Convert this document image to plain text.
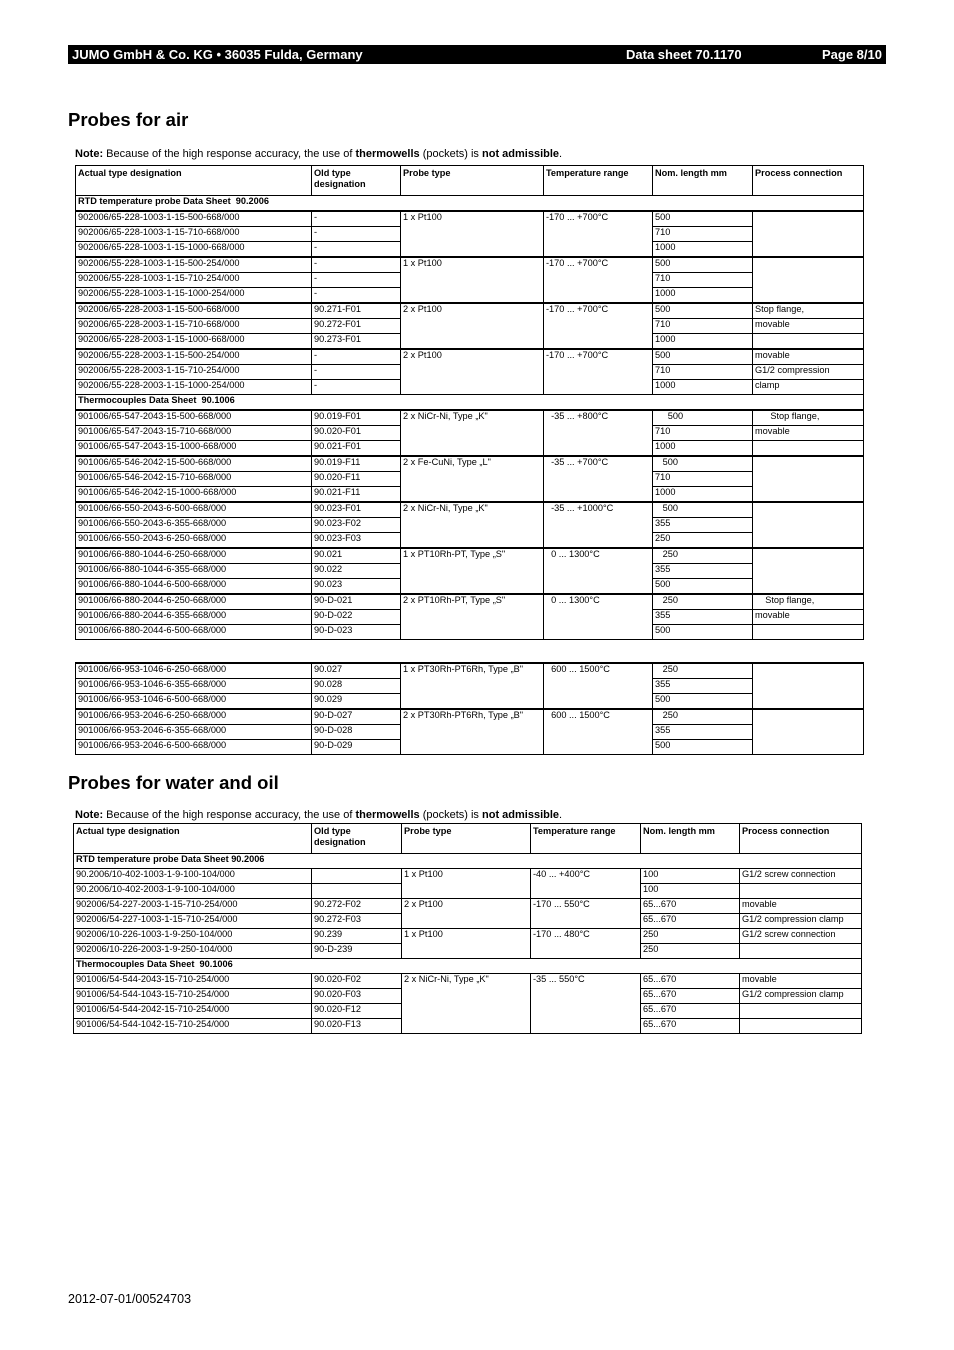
JUMO GmbH & Co. KG • 36035 Fulda, Germany	Data sheet 70.1170	Page 8/10
Probes for air
Note: Because of the high response accuracy, the use of thermowells (pockets) is not admissible.
Actual type designation	Old type designation	Probe type	Temperature range	Nom. length mm	Process connection
RTD temperature probe Data Sheet  90.2006					
902006/65-228-1003-1-15-500-668/000	-	1 x Pt100	-170 ... +700°C	500	
902006/65-228-1003-1-15-710-668/000	-			710	
902006/65-228-1003-1-15-1000-668/000	-			1000	
902006/55-228-1003-1-15-500-254/000	-	1 x Pt100	-170 ... +700°C	500	
902006/55-228-1003-1-15-710-254/000	-			710	
902006/55-228-1003-1-15-1000-254/000	-			1000	
902006/65-228-2003-1-15-500-668/000	90.271-F01	2 x Pt100	-170 ... +700°C	500	Stop flange,
902006/65-228-2003-1-15-710-668/000	90.272-F01			710	movable
902006/65-228-2003-1-15-1000-668/000	90.273-F01			1000	
902006/55-228-2003-1-15-500-254/000	-	2 x Pt100	-170 ... +700°C	500	movable
902006/55-228-2003-1-15-710-254/000	-			710	G1/2 compression
902006/55-228-2003-1-15-1000-254/000	-			1000	clamp
Thermocouples Data Sheet  90.1006					
901006/65-547-2043-15-500-668/000	90.019-F01	2 x NiCr-Ni, Type „K"	-35 ... +800°C	500	Stop flange,
901006/65-547-2043-15-710-668/000	90.020-F01			710	movable
901006/65-547-2043-15-1000-668/000	90.021-F01			1000	
901006/65-546-2042-15-500-668/000	90.019-F11	2 x Fe-CuNi, Type „L"	-35 ... +700°C	500	
901006/65-546-2042-15-710-668/000	90.020-F11			710	
901006/65-546-2042-15-1000-668/000	90.021-F11			1000	
901006/66-550-2043-6-500-668/000	90.023-F01	2 x NiCr-Ni, Type „K"	-35 ... +1000°C	500	
901006/66-550-2043-6-355-668/000	90.023-F02			355	
901006/66-550-2043-6-250-668/000	90.023-F03			250	
901006/66-880-1044-6-250-668/000	90.021	1 x PT10Rh-PT, Type „S"	0 ... 1300°C	250	
901006/66-880-1044-6-355-668/000	90.022			355	
901006/66-880-1044-6-500-668/000	90.023			500	
901006/66-880-2044-6-250-668/000	90-D-021	2 x PT10Rh-PT, Type „S"	0 ... 1300°C	250	Stop flange,
901006/66-880-2044-6-355-668/000	90-D-022			355	movable
901006/66-880-2044-6-500-668/000	90-D-023			500	
901006/66-953-1046-6-250-668/000	90.027	1 x PT30Rh-PT6Rh, Type „B"	600 ... 1500°C	250	
901006/66-953-1046-6-355-668/000	90.028			355	
901006/66-953-1046-6-500-668/000	90.029			500	
901006/66-953-2046-6-250-668/000	90-D-027	2 x PT30Rh-PT6Rh, Type „B"	600 ... 1500°C	250	
901006/66-953-2046-6-355-668/000	90-D-028			355	
901006/66-953-2046-6-500-668/000	90-D-029			500	
Probes for water and oil
Note: Because of the high response accuracy, the use of thermowells (pockets) is not admissible.
Actual type designation	Old type designation	Probe type	Temperature range	Nom. length mm	Process connection
RTD temperature probe Data Sheet 90.2006					
90.2006/10-402-1003-1-9-100-104/000		1 x Pt100	-40 ... +400°C	100	G1/2 screw connection
90.2006/10-402-2003-1-9-100-104/000				100	
902006/54-227-2003-1-15-710-254/000	90.272-F02	2 x Pt100	-170 ... 550°C	65...670	movable
902006/54-227-1003-1-15-710-254/000	90.272-F03			65...670	G1/2 compression clamp
902006/10-226-1003-1-9-250-104/000	90.239	1 x Pt100	-170 ... 480°C	250	G1/2 screw connection
902006/10-226-2003-1-9-250-104/000	90-D-239			250	
Thermocouples Data Sheet  90.1006					
901006/54-544-2043-15-710-254/000	90.020-F02	2 x NiCr-Ni, Type „K"	-35 ... 550°C	65...670	movable
901006/54-544-1043-15-710-254/000	90.020-F03			65...670	G1/2 compression clamp
901006/54-544-2042-15-710-254/000	90.020-F12			65...670	
901006/54-544-1042-15-710-254/000	90.020-F13			65...670	
2012-07-01/00524703
